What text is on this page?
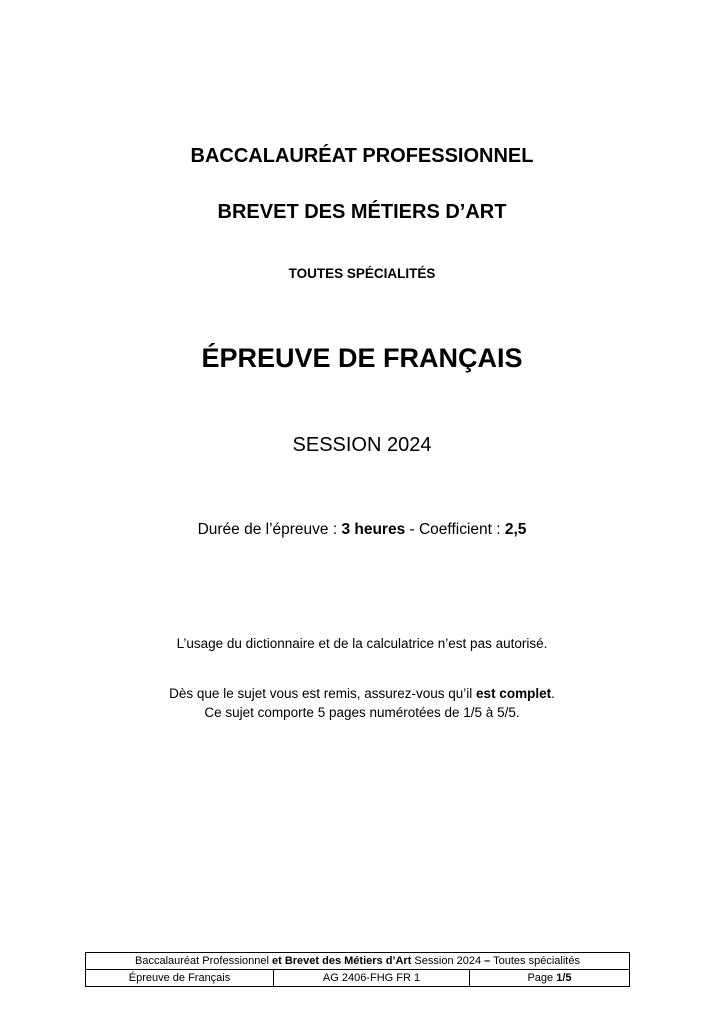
BACCALAURÉAT PROFESSIONNEL
BREVET DES MÉTIERS D’ART
TOUTES SPÉCIALITÉS
ÉPREUVE DE FRANÇAIS
SESSION 2024
Durée de l’épreuve : 3 heures - Coefficient : 2,5
L’usage du dictionnaire et de la calculatrice n’est pas autorisé.
Dès que le sujet vous est remis, assurez-vous qu’il est complet.
Ce sujet comporte 5 pages numérotées de 1/5 à 5/5.
Baccalauréat Professionnel et Brevet des Métiers d’Art Session 2024 – Toutes spécialités
Épreuve de Français	AG 2406-FHG FR 1	Page 1/5
